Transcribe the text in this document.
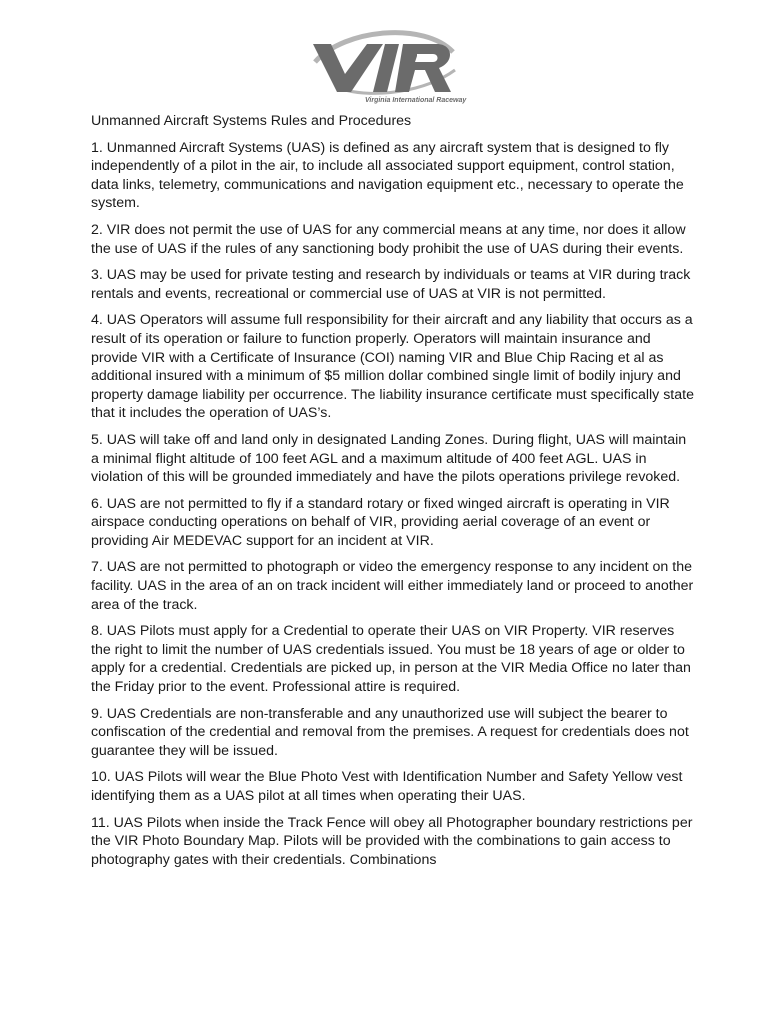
Virginia International Raceway

Unmanned Aircraft Systems Rules and Procedures

1. Unmanned Aircraft Systems (UAS) is defined as any aircraft system that is designed to fly independently of a pilot in the air, to include all associated support equipment, control station, data links, telemetry, communications and navigation equipment etc., necessary to operate the system.

2. VIR does not permit the use of UAS for any commercial means at any time, nor does it allow the use of UAS if the rules of any sanctioning body prohibit the use of UAS during their events.

3. UAS may be used for private testing and research by individuals or teams at VIR during track rentals and events, recreational or commercial use of UAS at VIR is not permitted.

4. UAS Operators will assume full responsibility for their aircraft and any liability that occurs as a result of its operation or failure to function properly. Operators will maintain insurance and provide VIR with a Certificate of Insurance (COI) naming VIR and Blue Chip Racing et al as additional insured with a minimum of $5 million dollar combined single limit of bodily injury and property damage liability per occurrence. The liability insurance certificate must specifically state that it includes the operation of UAS’s.

5. UAS will take off and land only in designated Landing Zones. During flight, UAS will maintain a minimal flight altitude of 100 feet AGL and a maximum altitude of 400 feet AGL. UAS in violation of this will be grounded immediately and have the pilots operations privilege revoked.

6. UAS are not permitted to fly if a standard rotary or fixed winged aircraft is operating in VIR airspace conducting operations on behalf of VIR, providing aerial coverage of an event or providing Air MEDEVAC support for an incident at VIR.

7. UAS are not permitted to photograph or video the emergency response to any incident on the facility. UAS in the area of an on track incident will either immediately land or proceed to another area of the track.

8. UAS Pilots must apply for a Credential to operate their UAS on VIR Property. VIR reserves the right to limit the number of UAS credentials issued. You must be 18 years of age or older to apply for a credential. Credentials are picked up, in person at the VIR Media Office no later than the Friday prior to the event. Professional attire is required.

9. UAS Credentials are non-transferable and any unauthorized use will subject the bearer to confiscation of the credential and removal from the premises. A request for credentials does not guarantee they will be issued.

10. UAS Pilots will wear the Blue Photo Vest with Identification Number and Safety Yellow vest identifying them as a UAS pilot at all times when operating their UAS.

11. UAS Pilots when inside the Track Fence will obey all Photographer boundary restrictions per the VIR Photo Boundary Map. Pilots will be provided with the combinations to gain access to photography gates with their credentials. Combinations
